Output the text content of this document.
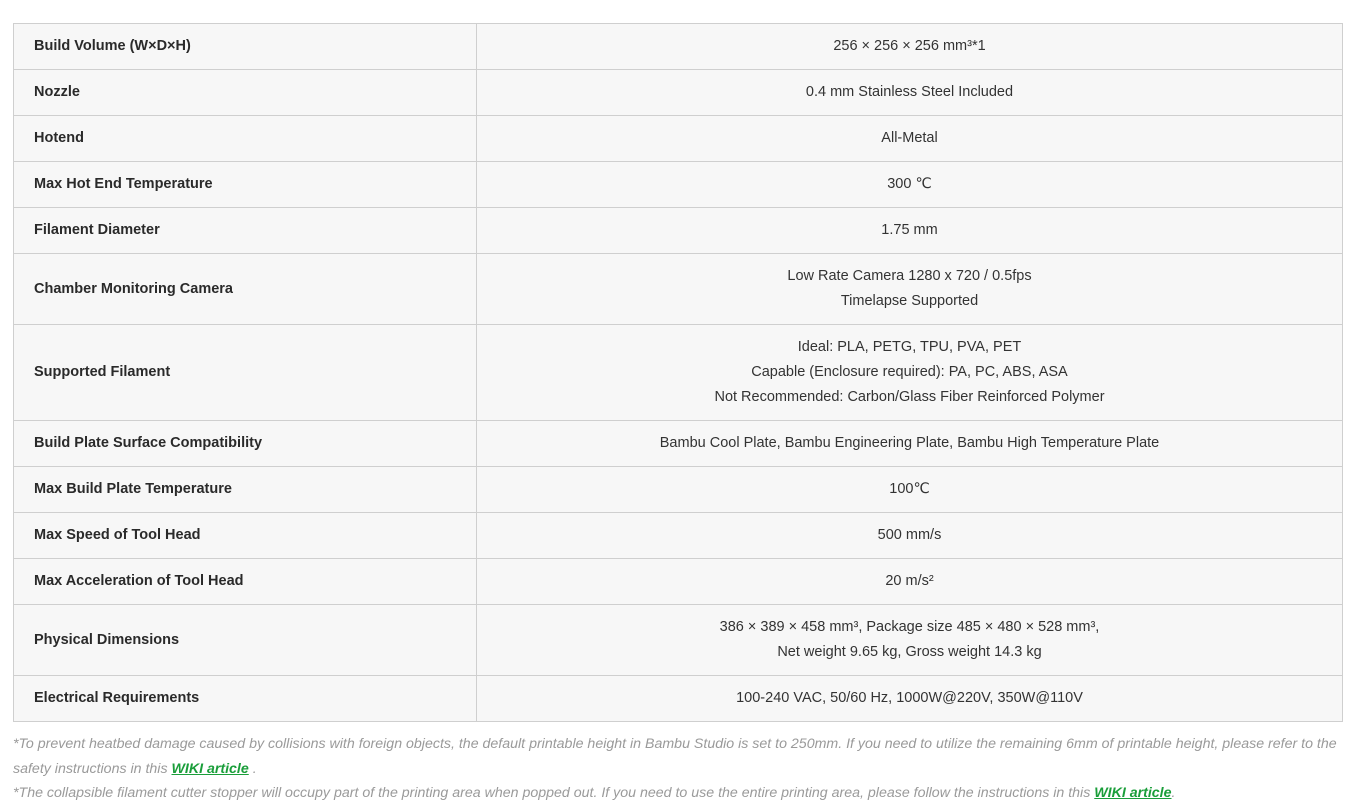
Build Volume (W×D×H)	256 × 256 × 256 mm³*1

Nozzle	0.4 mm Stainless Steel Included

Hotend	All-Metal

Max Hot End Temperature	300 ℃

Filament Diameter	1.75 mm

Chamber Monitoring Camera	Low Rate Camera 1280 x 720 / 0.5fps
Timelapse Supported

Supported Filament	Ideal: PLA, PETG, TPU, PVA, PET
Capable (Enclosure required): PA, PC, ABS, ASA
Not Recommended: Carbon/Glass Fiber Reinforced Polymer

Build Plate Surface Compatibility	Bambu Cool Plate, Bambu Engineering Plate, Bambu High Temperature Plate

Max Build Plate Temperature	100℃

Max Speed of Tool Head	500 mm/s

Max Acceleration of Tool Head	20 m/s²

Physical Dimensions	386 × 389 × 458 mm³, Package size 485 × 480 × 528 mm³,
Net weight 9.65 kg, Gross weight 14.3 kg

Electrical Requirements	100-240 VAC, 50/60 Hz, 1000W@220V, 350W@110V

*To prevent heatbed damage caused by collisions with foreign objects, the default printable height in Bambu Studio is set to 250mm. If you need to utilize the remaining 6mm of printable height, please refer to the safety instructions in this WIKI article .

*The collapsible filament cutter stopper will occupy part of the printing area when popped out. If you need to use the entire printing area, please follow the instructions in this WIKI article.
